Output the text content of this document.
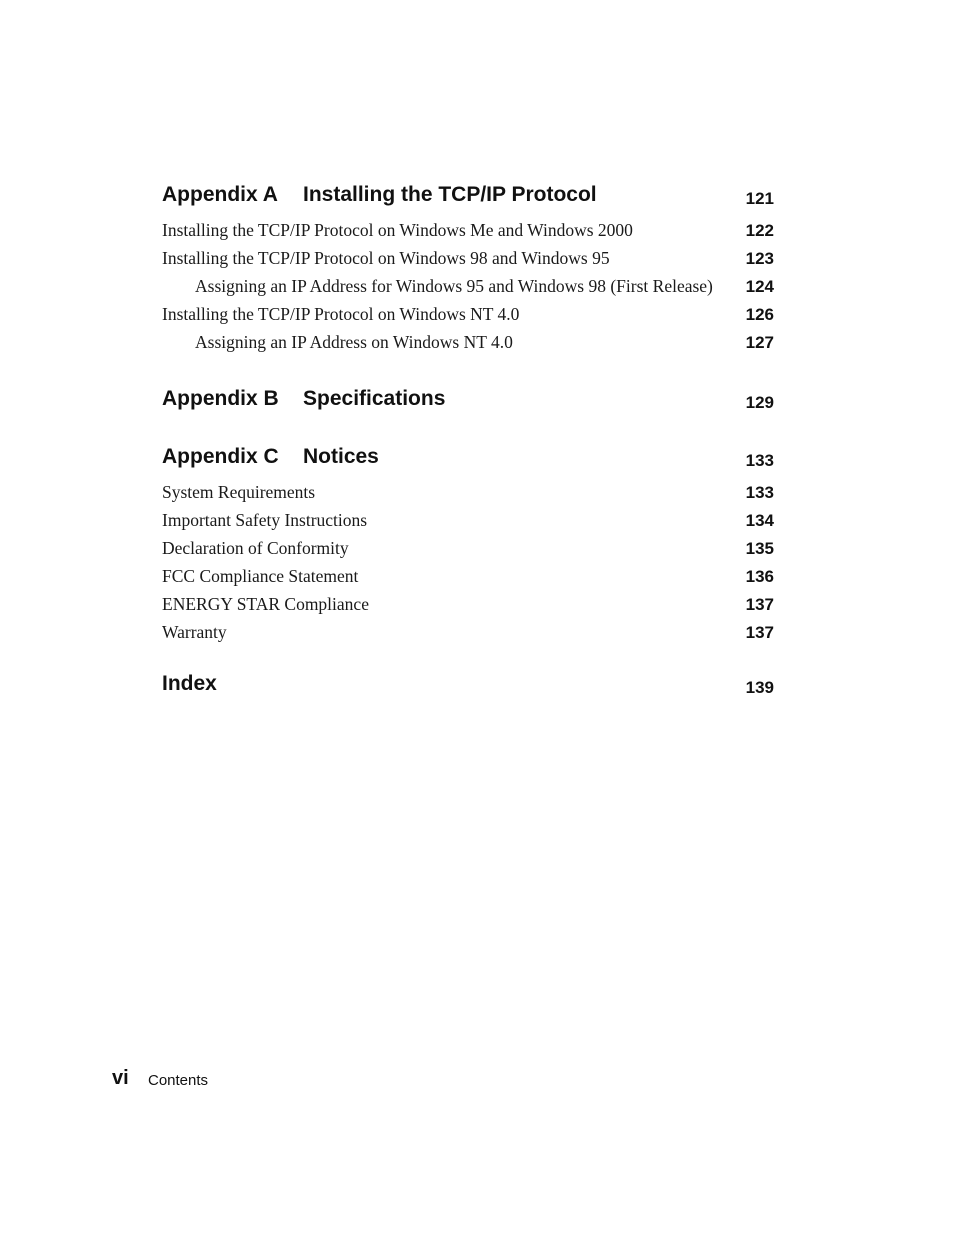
Appendix A Installing the TCP/IP Protocol	121
Installing the TCP/IP Protocol on Windows Me and Windows 2000	122
Installing the TCP/IP Protocol on Windows 98 and Windows 95	123
Assigning an IP Address for Windows 95 and Windows 98 (First Release) 124
Installing the TCP/IP Protocol on Windows NT 4.0	126
Assigning an IP Address on Windows NT 4.0	127
Appendix B Specifications	129
Appendix C Notices	133
System Requirements	133
Important Safety Instructions	134
Declaration of Conformity	135
FCC Compliance Statement	136
ENERGY STAR Compliance	137
Warranty	137
Index	139
vi Contents
